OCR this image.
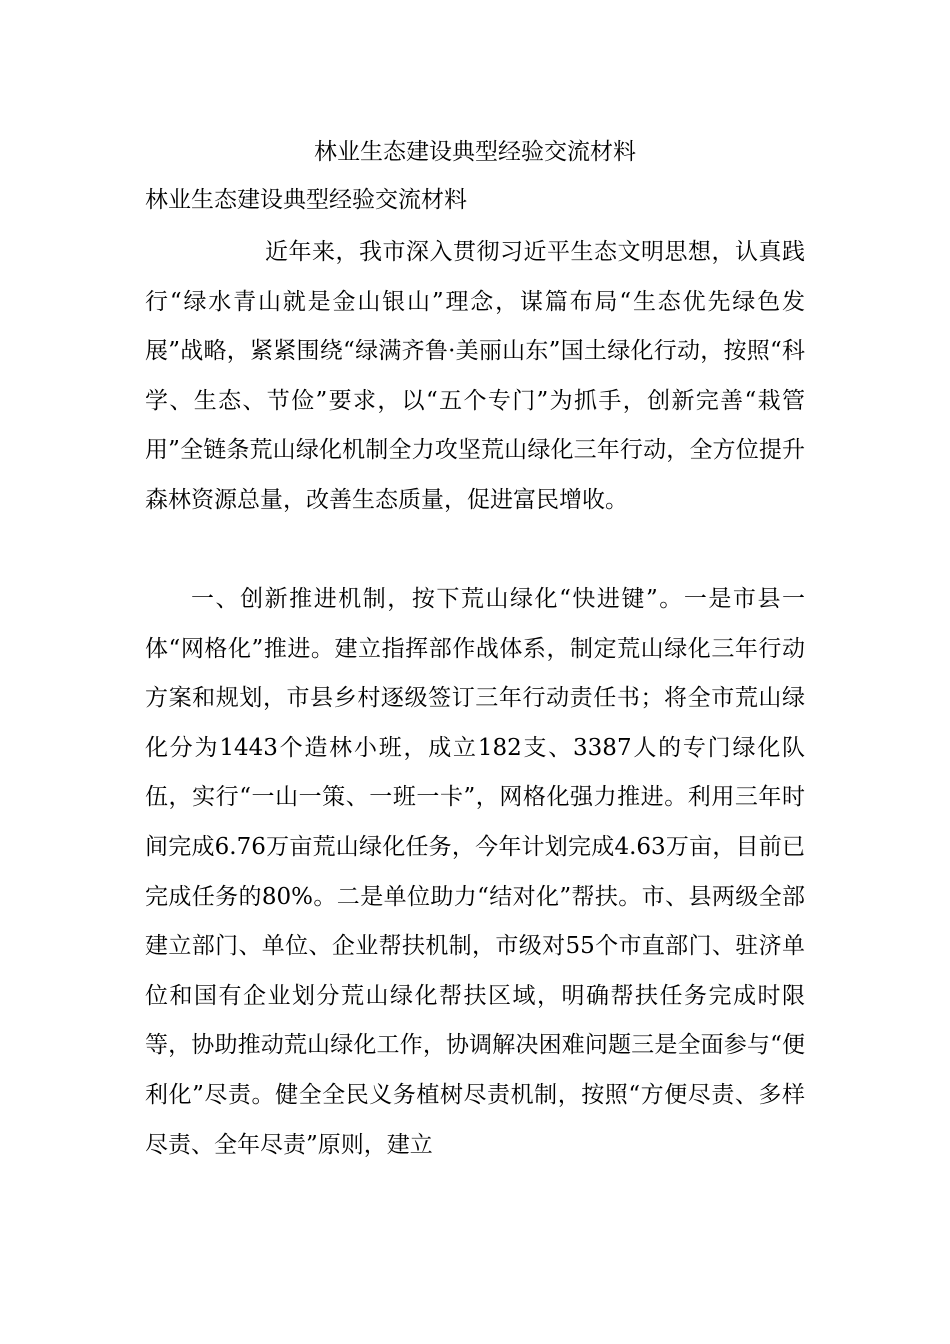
林业生态建设典型经验交流材料
林业生态建设典型经验交流材料

近年来，我市深入贯彻习近平生态文明思想，认真践行“绿水青山就是金山银山”理念，谋篇布局“生态优先绿色发展”战略，紧紧围绕“绿满齐鲁·美丽山东”国土绿化行动，按照“科学、生态、节俭”要求，以“五个专门”为抓手，创新完善“栽管用”全链条荒山绿化机制全力攻坚荒山绿化三年行动，全方位提升森林资源总量，改善生态质量，促进富民增收。

一、创新推进机制，按下荒山绿化“快进键”。一是市县一体“网格化”推进。建立指挥部作战体系，制定荒山绿化三年行动方案和规划，市县乡村逐级签订三年行动责任书；将全市荒山绿化分为1443个造林小班，成立182支、3387人的专门绿化队伍，实行“一山一策、一班一卡”，网格化强力推进。利用三年时间完成6.76万亩荒山绿化任务，今年计划完成4.63万亩，目前已完成任务的80%。二是单位助力“结对化”帮扶。市、县两级全部建立部门、单位、企业帮扶机制，市级对55个市直部门、驻济单位和国有企业划分荒山绿化帮扶区域，明确帮扶任务完成时限等，协助推动荒山绿化工作，协调解决困难问题三是全面参与“便利化”尽责。健全全民义务植树尽责机制，按照“方便尽责、多样尽责、全年尽责”原则，建立
